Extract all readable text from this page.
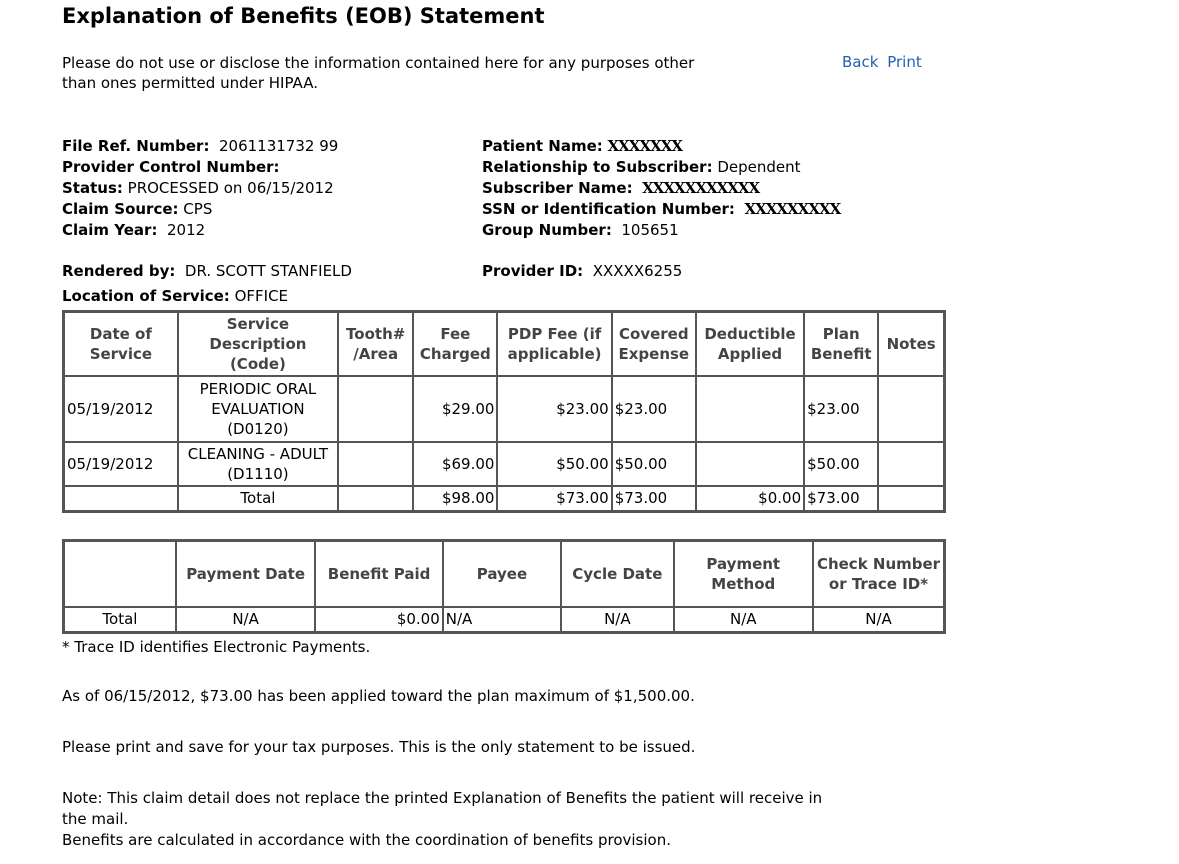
Explanation of Benefits (EOB) Statement
Please do not use or disclose the information contained here for any purposes other than ones permitted under HIPAA.
Back Print
File Ref. Number: 2061131732 99
Provider Control Number:
Status: PROCESSED on 06/15/2012
Claim Source: CPS
Claim Year: 2012
Patient Name: XXXXXXX
Relationship to Subscriber: Dependent
Subscriber Name: XXXXXXXXXXX
SSN or Identification Number: XXXXXXXXX
Group Number: 105651
Rendered by: DR. SCOTT STANFIELD	Provider ID: XXXXX6255
Location of Service: OFFICE
Date of Service	Service Description (Code)	Tooth# /Area	Fee Charged	PDP Fee (if applicable)	Covered Expense	Deductible Applied	Plan Benefit	Notes
05/19/2012	PERIODIC ORAL EVALUATION (D0120)		$29.00	$23.00	$23.00		$23.00	
05/19/2012	CLEANING - ADULT (D1110)		$69.00	$50.00	$50.00		$50.00	
	Total		$98.00	$73.00	$73.00	$0.00	$73.00	
	Payment Date	Benefit Paid	Payee	Cycle Date	Payment Method	Check Number or Trace ID*
Total	N/A	$0.00	N/A	N/A	N/A	N/A
* Trace ID identifies Electronic Payments.
As of 06/15/2012, $73.00 has been applied toward the plan maximum of $1,500.00.
Please print and save for your tax purposes. This is the only statement to be issued.
Note: This claim detail does not replace the printed Explanation of Benefits the patient will receive in
the mail.
Benefits are calculated in accordance with the coordination of benefits provision.
